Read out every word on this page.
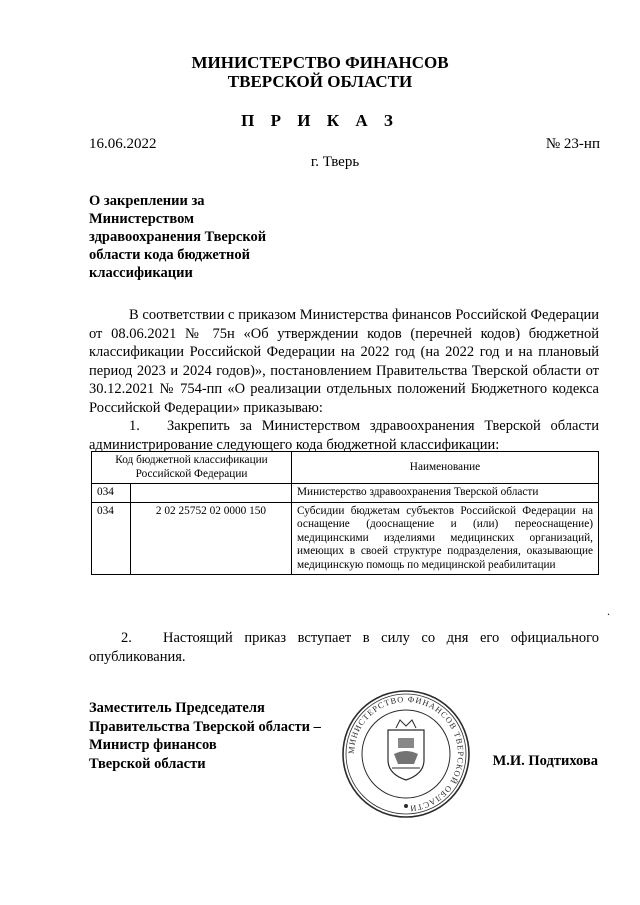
МИНИСТЕРСТВО ФИНАНСОВ
ТВЕРСКОЙ ОБЛАСТИ
П Р И К А З
16.06.2022	№ 23-нп
г. Тверь
О закреплении за Министерством здравоохранения Тверской области кода бюджетной классификации
В соответствии с приказом Министерства финансов Российской Федерации от 08.06.2021 № 75н «Об утверждении кодов (перечней кодов) бюджетной классификации Российской Федерации на 2022 год (на 2022 год и на плановый период 2023 и 2024 годов)», постановлением Правительства Тверской области от 30.12.2021 № 754-пп «О реализации отдельных положений Бюджетного кодекса Российской Федерации» приказываю:
1. Закрепить за Министерством здравоохранения Тверской области администрирование следующего кода бюджетной классификации:
Код бюджетной классификации Российской Федерации		Наименование
034		Министерство здравоохранения Тверской области
034	2 02 25752 02 0000 150	Субсидии бюджетам субъектов Российской Федерации на оснащение (дооснащение и (или) переоснащение) медицинскими изделиями медицинских организаций, имеющих в своей структуре подразделения, оказывающие медицинскую помощь по медицинской реабилитации
.
2. Настоящий приказ вступает в силу со дня его официального опубликования.
Заместитель Председателя
Правительства Тверской области –
Министр финансов
Тверской области	М.И. Подтихова
МИНИСТЕРСТВО ФИНАНСОВ ТВЕРСКОЙ ОБЛАСТИ
